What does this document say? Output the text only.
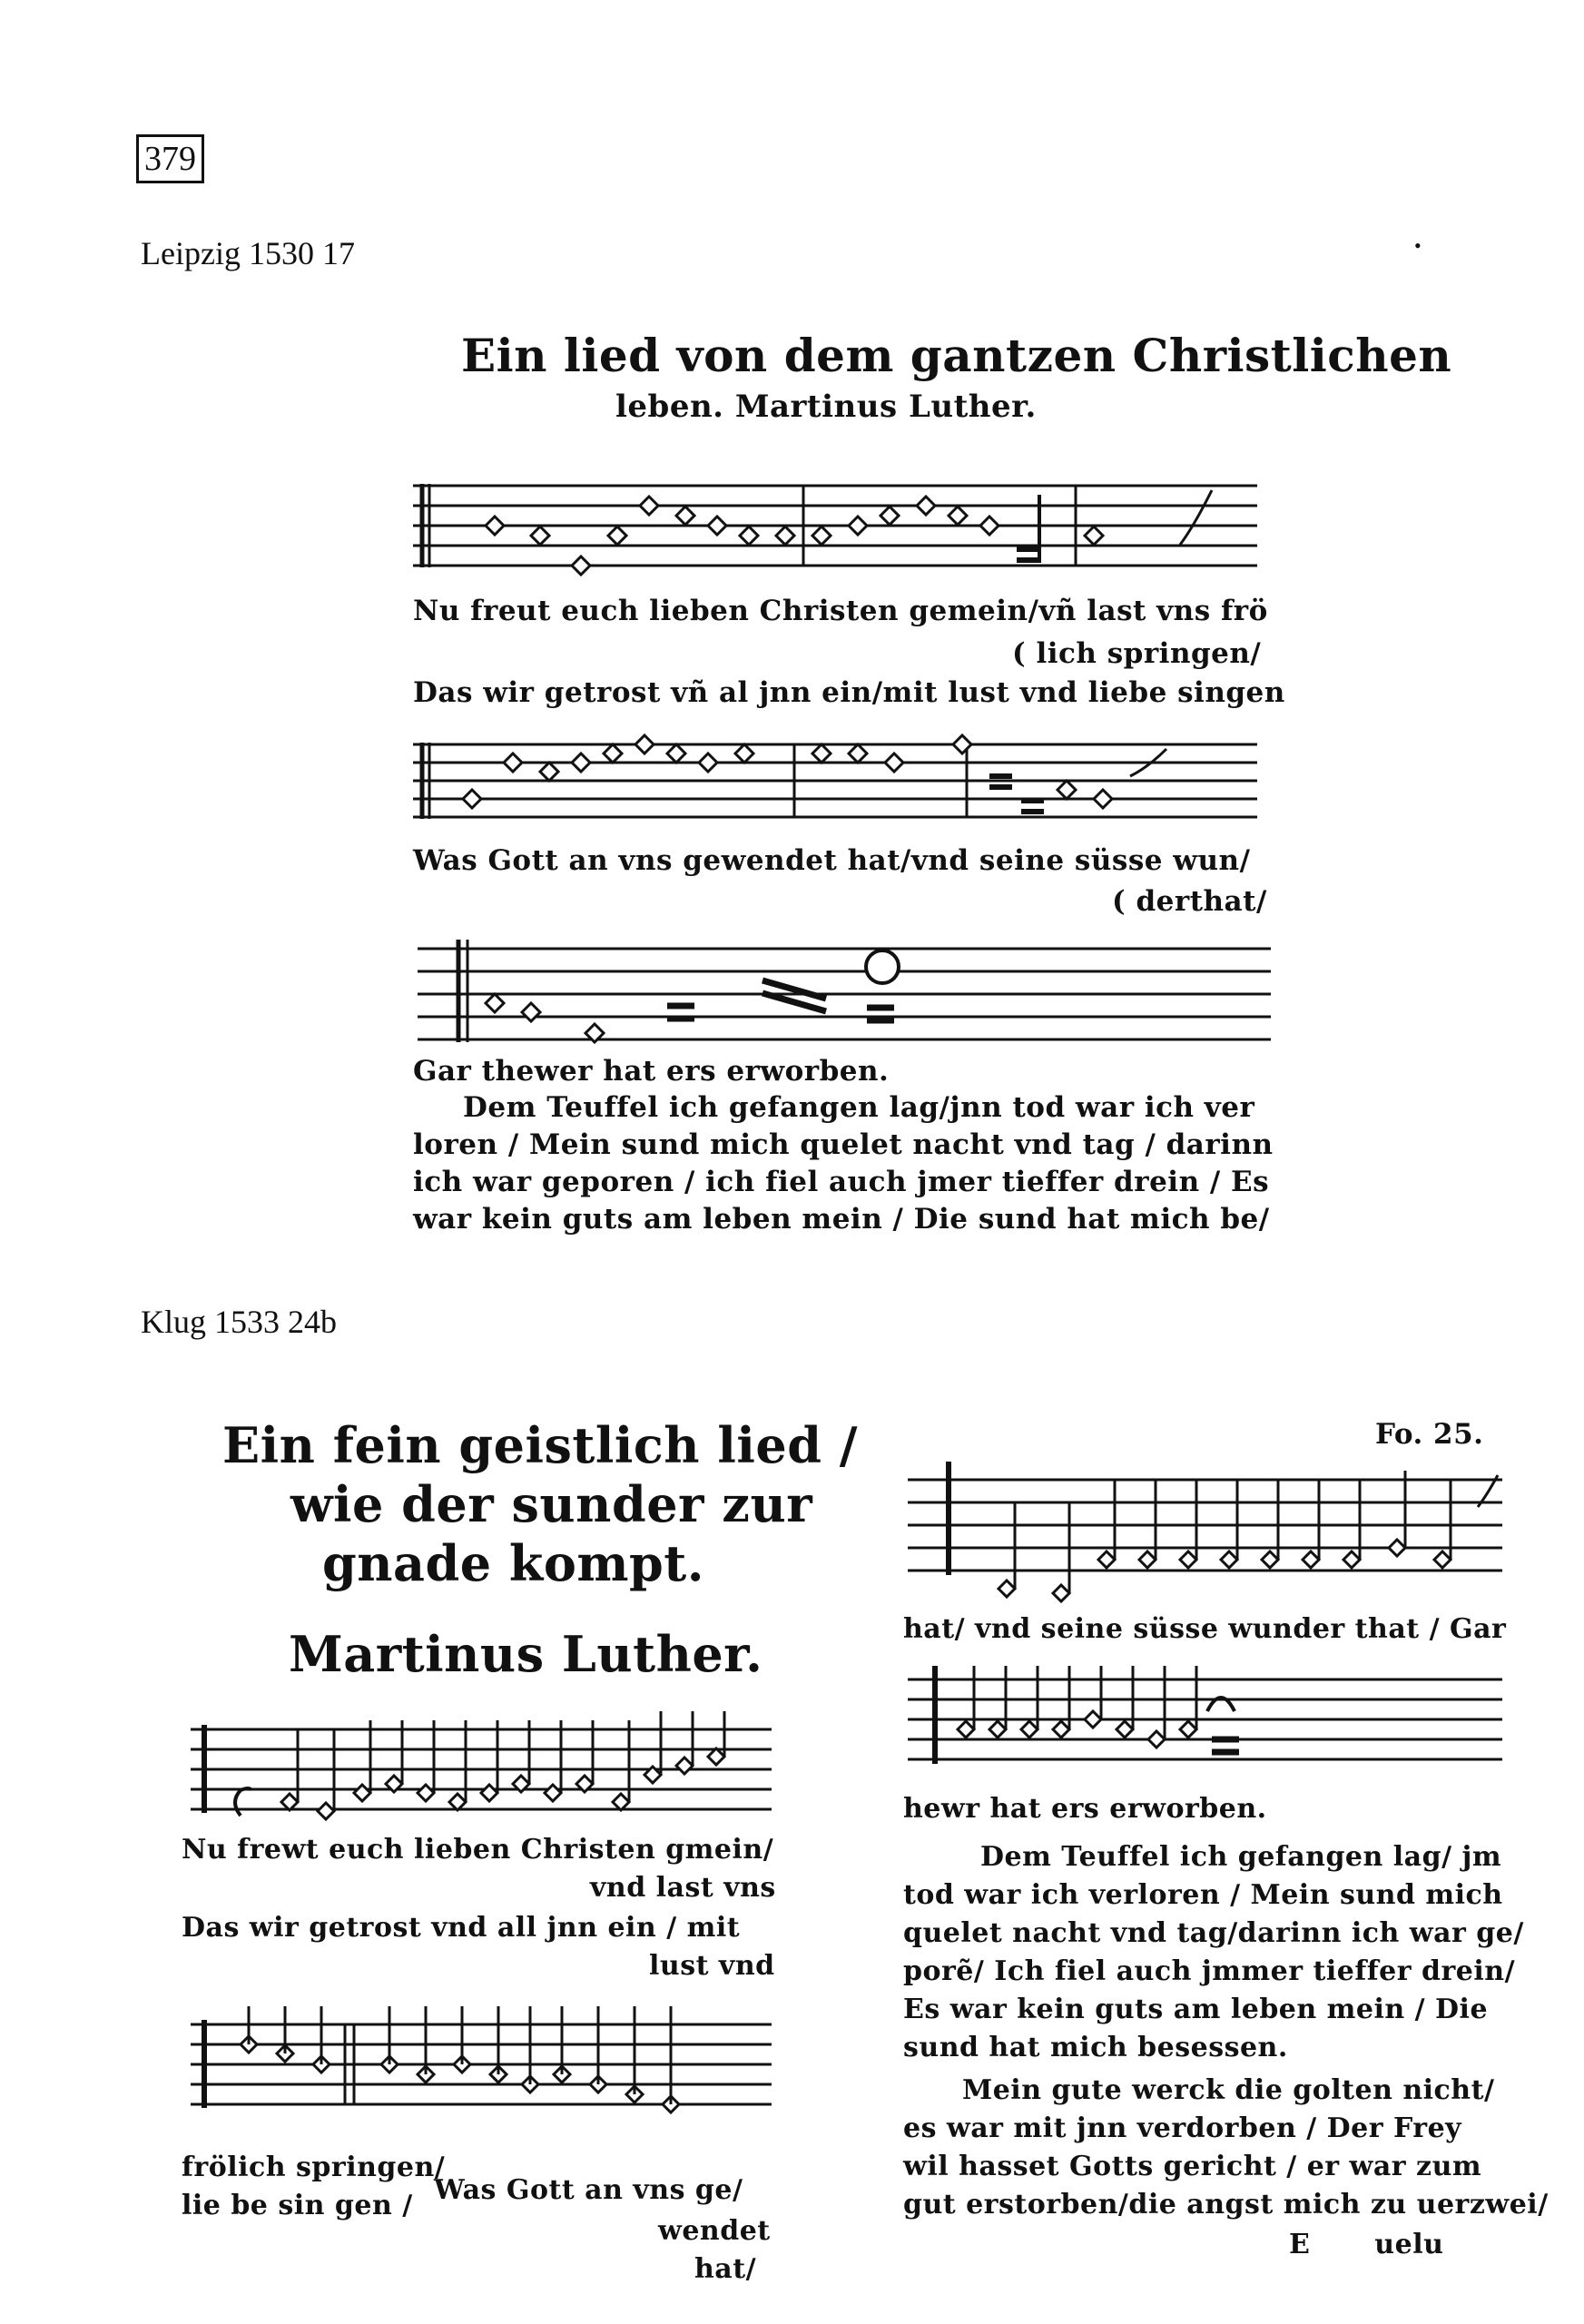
379
•
Leipzig 1530 17
Ein lied von dem gantzen Christlichen
leben. Martinus Luther.
Nu freut euch lieben Christen gemein/vñ last vns frö
( lich springen/
Das wir getrost vñ al jnn ein/mit lust vnd liebe singen
Was Gott an vns gewendet hat/vnd seine süsse wun/
( derthat/
Gar thewer hat ers erworben.
Dem Teuffel ich gefangen lag/jnn tod war ich ver
loren / Mein sund mich quelet nacht vnd tag / darinn
ich war geporen / ich fiel auch jmer tieffer drein / Es
war kein guts am leben mein / Die sund hat mich be/
Klug 1533 24b
Ein fein geistlich lied /
wie der sunder zur
gnade kompt.
Martinus Luther.
Nu frewt euch lieben Christen gmein/
vnd last vns
Das wir getrost vnd all jnn ein / mit
lust vnd
frölich springen/
lie be sin gen / Was Gott an vns ge/
wendet
hat/
Fo. 25.
hat/ vnd seine süsse wunder that / Gar
hewr hat ers erworben.
Dem Teuffel ich gefangen lag/ jm
tod war ich verloren / Mein sund mich
quelet nacht vnd tag/darinn ich war ge/
porẽ/ Ich fiel auch jmmer tieffer drein/
Es war kein guts am leben mein / Die
sund hat mich besessen.
Mein gute werck die golten nicht/
es war mit jnn verdorben / Der Frey
wil hasset Gotts gericht / er war zum
gut erstorben/die angst mich zu uerzwei/
E uelu
